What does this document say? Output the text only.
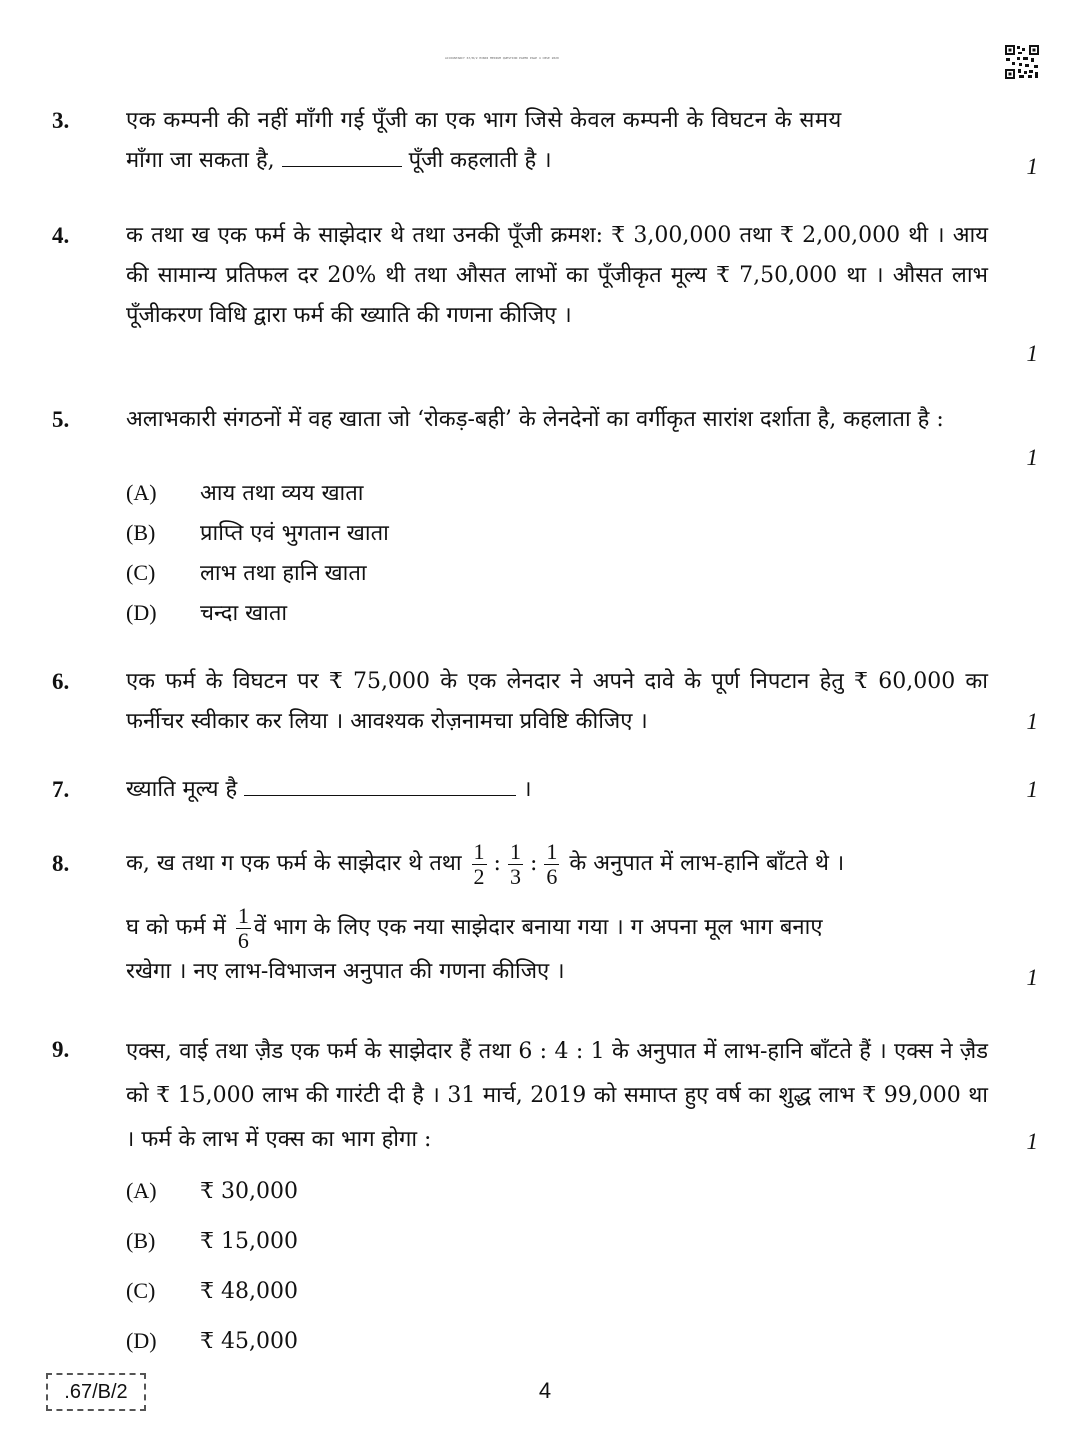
ACCOUNTANCY 67/B/2 HINDI MEDIUM QUESTION PAPER PAGE 4 CBSE 2020
3.	एक कम्पनी की नहीं माँगी गई पूँजी का एक भाग जिसे केवल कम्पनी के विघटन के समय
माँगा जा सकता है,	पूँजी कहलाती है ।	1
4.	क तथा ख एक फर्म के साझेदार थे तथा उनकी पूँजी क्रमश: ₹ 3,00,000 तथा ₹ 2,00,000 थी । आय की सामान्य प्रतिफल दर 20% थी तथा औसत लाभों का पूँजीकृत मूल्य ₹ 7,50,000 था । औसत लाभ पूँजीकरण विधि द्वारा फर्म की ख्याति की गणना कीजिए ।
1
5.	अलाभकारी संगठनों में वह खाता जो ‘रोकड़-बही’ के लेनदेनों का वर्गीकृत सारांश दर्शाता है, कहलाता है :
1
(A) आय तथा व्यय खाता
(B) प्राप्ति एवं भुगतान खाता
(C) लाभ तथा हानि खाता
(D) चन्दा खाता
6.	एक फर्म के विघटन पर ₹ 75,000 के एक लेनदार ने अपने दावे के पूर्ण निपटान हेतु ₹ 60,000 का फर्नीचर स्वीकार कर लिया । आवश्यक रोज़नामचा प्रविष्टि कीजिए ।	1
7.	ख्याति मूल्य है	।	1
8.	क, ख तथा ग एक फर्म के साझेदार थे तथा $\frac{1}{2}$ : $\frac{1}{3}$ : $\frac{1}{6}$ के अनुपात में लाभ-हानि बाँटते थे ।
घ को फर्म में $\frac{1}{6}$ वें भाग के लिए एक नया साझेदार बनाया गया । ग अपना मूल भाग बनाए
रखेगा । नए लाभ-विभाजन अनुपात की गणना कीजिए ।	1
9.	एक्स, वाई तथा ज़ैड एक फर्म के साझेदार हैं तथा 6 : 4 : 1 के अनुपात में लाभ-हानि बाँटते हैं । एक्स ने ज़ैड को ₹ 15,000 लाभ की गारंटी दी है । 31 मार्च, 2019 को समाप्त हुए वर्ष का शुद्ध लाभ ₹ 99,000 था । फर्म के लाभ में एक्स का भाग होगा :	1
(A) ₹ 30,000
(B) ₹ 15,000
(C) ₹ 48,000
(D) ₹ 45,000
.67/B/2	4
